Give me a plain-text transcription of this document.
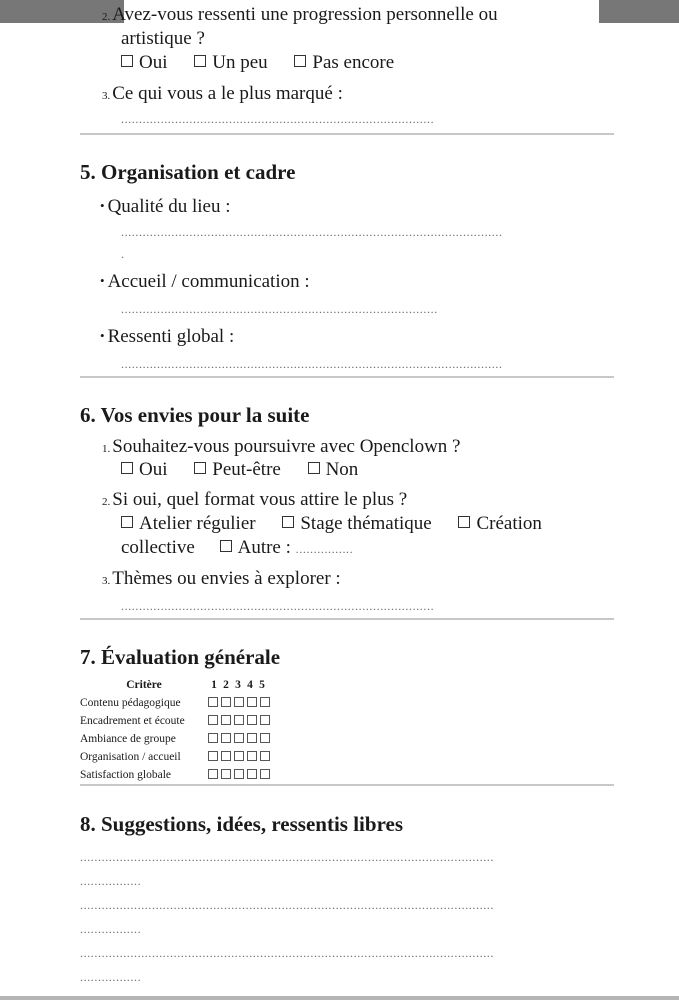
2. Avez-vous ressenti une progression personnelle ou
artistique ?
Oui Un peu Pas encore
3. Ce qui vous a le plus marqué :
.......................................................................................
5. Organisation et cadre
• Qualité du lieu :
..........................................................................................................
.
• Accueil / communication :
........................................................................................
• Ressenti global :
..........................................................................................................
6. Vos envies pour la suite
1. Souhaitez-vous poursuivre avec Openclown ?
Oui Peut-être Non
2. Si oui, quel format vous attire le plus ?
Atelier régulier Stage thématique Création
collective Autre : ................
3. Thèmes ou envies à explorer :
.......................................................................................
7. Évaluation générale
Critère	1 2 3 4 5
Contenu pédagogique
Encadrement et écoute
Ambiance de groupe
Organisation / accueil
Satisfaction globale
8. Suggestions, idées, ressentis libres
...................................................................................................................
.................
...................................................................................................................
.................
...................................................................................................................
.................
